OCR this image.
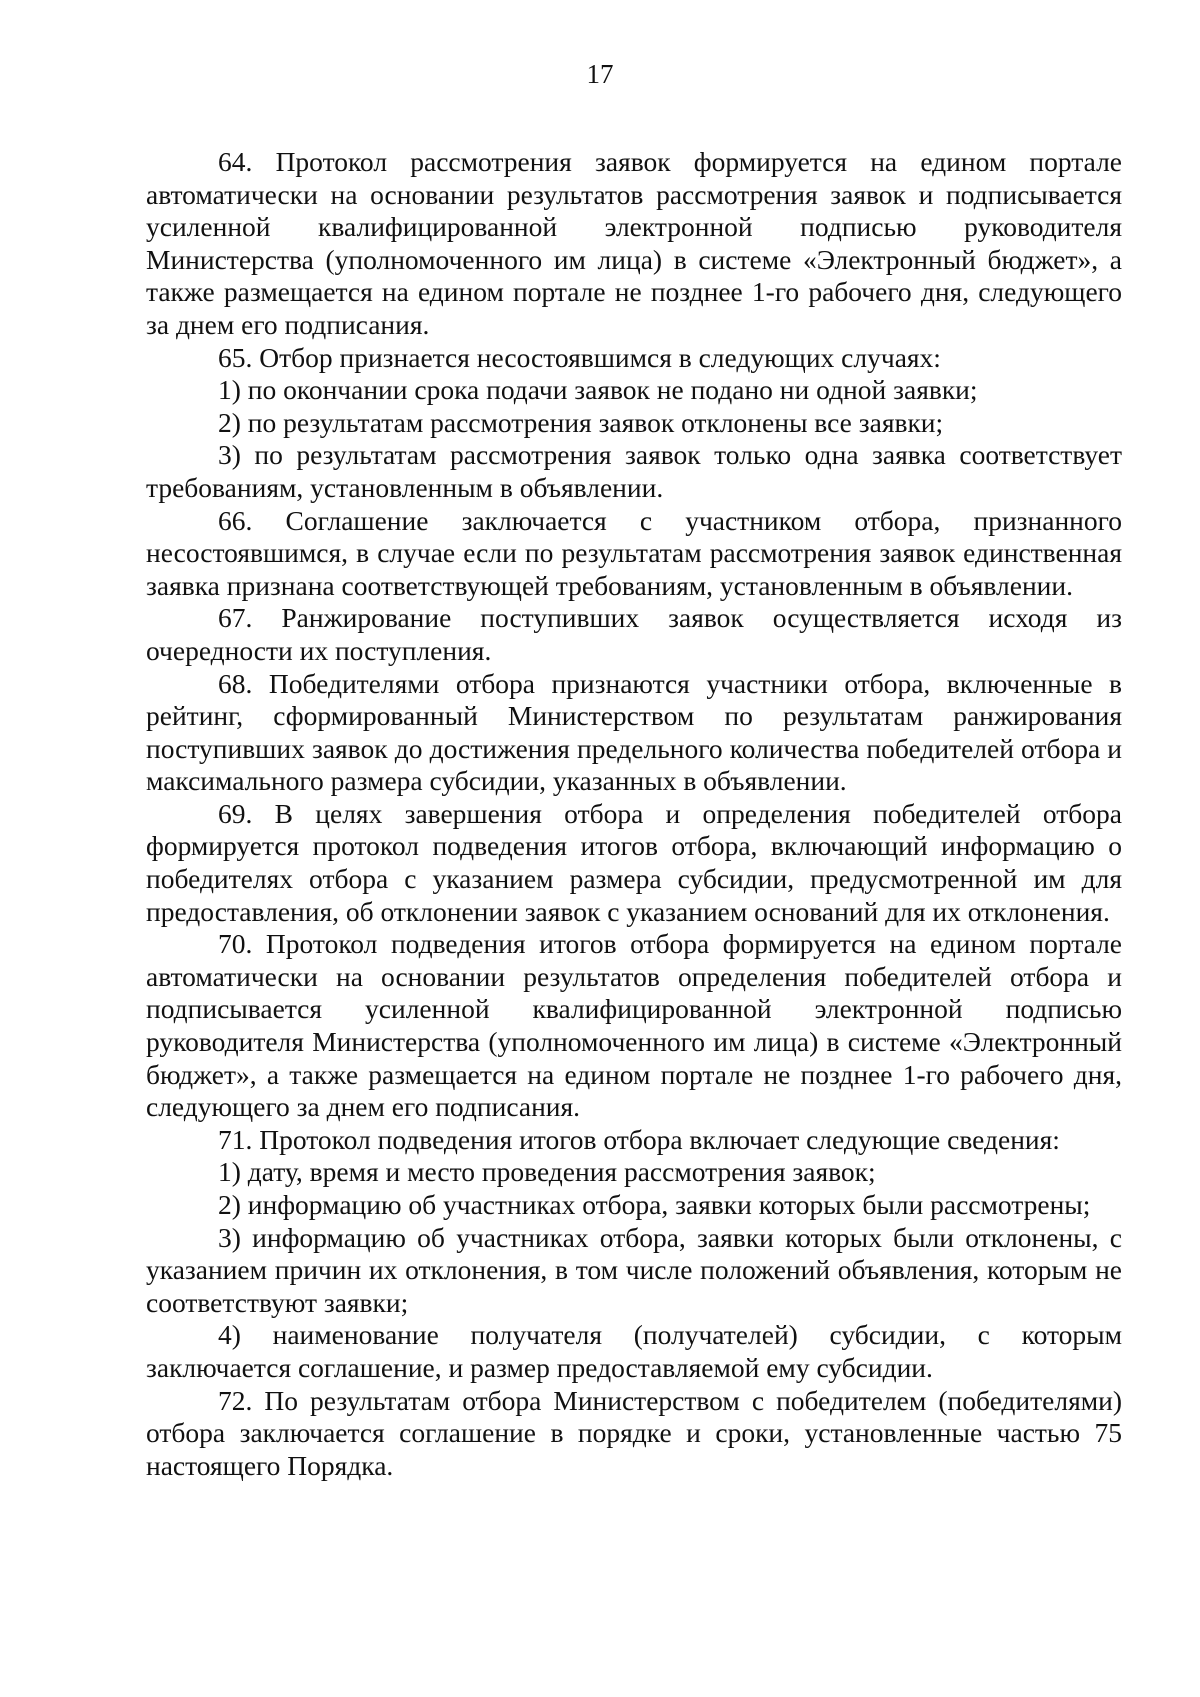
17

64. Протокол рассмотрения заявок формируется на едином портале автоматически на основании результатов рассмотрения заявок и подписывается усиленной квалифицированной электронной подписью руководителя Министерства (уполномоченного им лица) в системе «Электронный бюджет», а также размещается на едином портале не позднее 1-го рабочего дня, следующего за днем его подписания.

65. Отбор признается несостоявшимся в следующих случаях:

1) по окончании срока подачи заявок не подано ни одной заявки;

2) по результатам рассмотрения заявок отклонены все заявки;

3) по результатам рассмотрения заявок только одна заявка соответствует требованиям, установленным в объявлении.

66. Соглашение заключается с участником отбора, признанного несостоявшимся, в случае если по результатам рассмотрения заявок единственная заявка признана соответствующей требованиям, установленным в объявлении.

67. Ранжирование поступивших заявок осуществляется исходя из очередности их поступления.

68. Победителями отбора признаются участники отбора, включенные в рейтинг, сформированный Министерством по результатам ранжирования поступивших заявок до достижения предельного количества победителей отбора и максимального размера субсидии, указанных в объявлении.

69. В целях завершения отбора и определения победителей отбора формируется протокол подведения итогов отбора, включающий информацию о победителях отбора с указанием размера субсидии, предусмотренной им для предоставления, об отклонении заявок с указанием оснований для их отклонения.

70. Протокол подведения итогов отбора формируется на едином портале автоматически на основании результатов определения победителей отбора и подписывается усиленной квалифицированной электронной подписью руководителя Министерства (уполномоченного им лица) в системе «Электронный бюджет», а также размещается на едином портале не позднее 1-го рабочего дня, следующего за днем его подписания.

71. Протокол подведения итогов отбора включает следующие сведения:

1) дату, время и место проведения рассмотрения заявок;

2) информацию об участниках отбора, заявки которых были рассмотрены;

3) информацию об участниках отбора, заявки которых были отклонены, с указанием причин их отклонения, в том числе положений объявления, которым не соответствуют заявки;

4) наименование получателя (получателей) субсидии, с которым заключается соглашение, и размер предоставляемой ему субсидии.

72. По результатам отбора Министерством с победителем (победителями) отбора заключается соглашение в порядке и сроки, установленные частью 75 настоящего Порядка.
